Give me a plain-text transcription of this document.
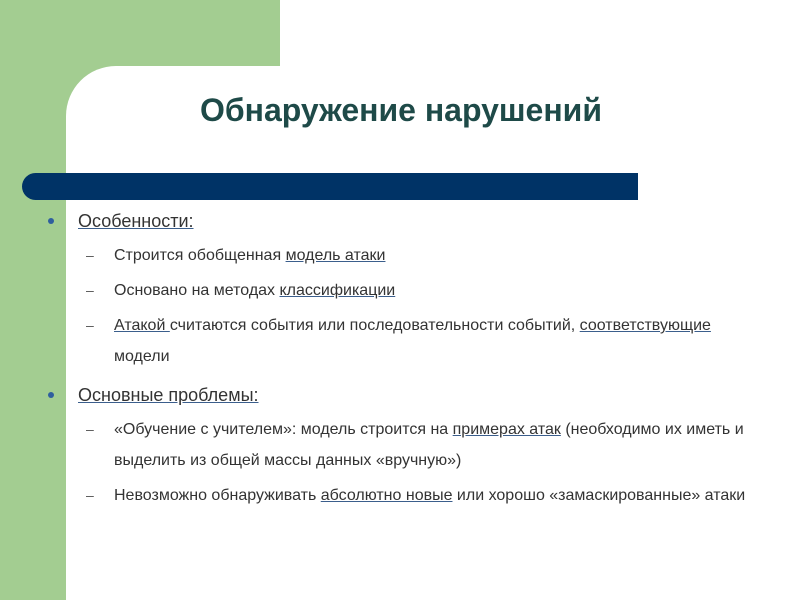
Обнаружение нарушений
Особенности:
– Строится обобщенная модель атаки
– Основано на методах классификации
– Атакой считаются события или последовательности событий, соответствующие модели
Основные проблемы:
– «Обучение с учителем»: модель строится на примерах атак (необходимо их иметь и выделить из общей массы данных «вручную»)
– Невозможно обнаруживать абсолютно новые или хорошо «замаскированные» атаки
